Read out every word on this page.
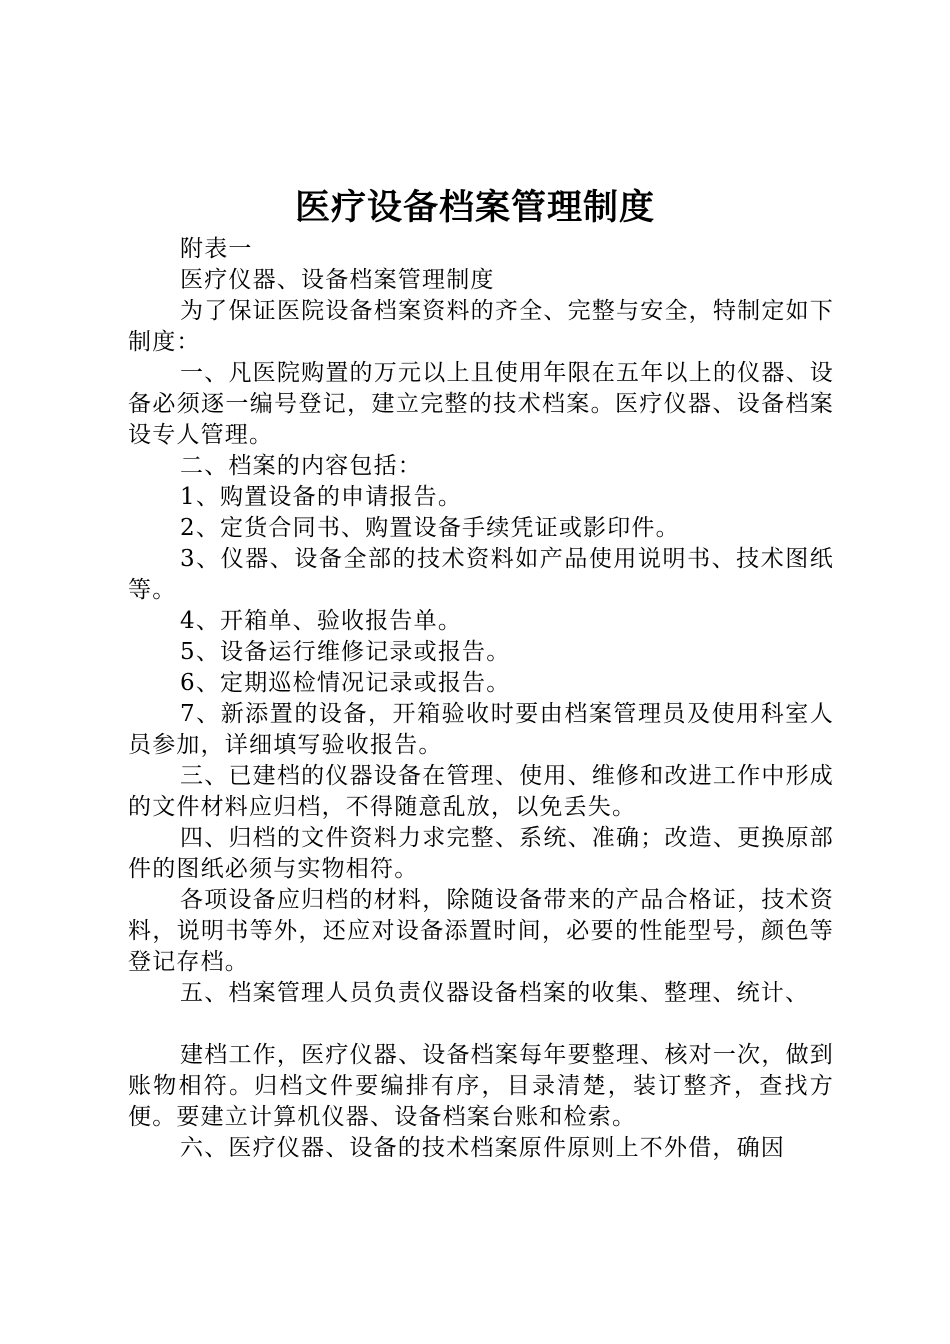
医疗设备档案管理制度

附表一

医疗仪器、设备档案管理制度

为了保证医院设备档案资料的齐全、完整与安全，特制定如下制度：

一、凡医院购置的万元以上且使用年限在五年以上的仪器、设备必须逐一编号登记，建立完整的技术档案。医疗仪器、设备档案设专人管理。

二、档案的内容包括：

1、购置设备的申请报告。

2、定货合同书、购置设备手续凭证或影印件。

3、仪器、设备全部的技术资料如产品使用说明书、技术图纸等。

4、开箱单、验收报告单。

5、设备运行维修记录或报告。

6、定期巡检情况记录或报告。

7、新添置的设备，开箱验收时要由档案管理员及使用科室人员参加，详细填写验收报告。

三、已建档的仪器设备在管理、使用、维修和改进工作中形成的文件材料应归档，不得随意乱放，以免丢失。

四、归档的文件资料力求完整、系统、准确；改造、更换原部件的图纸必须与实物相符。

各项设备应归档的材料，除随设备带来的产品合格证，技术资料，说明书等外，还应对设备添置时间，必要的性能型号，颜色等登记存档。

五、档案管理人员负责仪器设备档案的收集、整理、统计、

建档工作，医疗仪器、设备档案每年要整理、核对一次，做到账物相符。归档文件要编排有序，目录清楚，装订整齐，查找方便。要建立计算机仪器、设备档案台账和检索。

六、医疗仪器、设备的技术档案原件原则上不外借，确因
